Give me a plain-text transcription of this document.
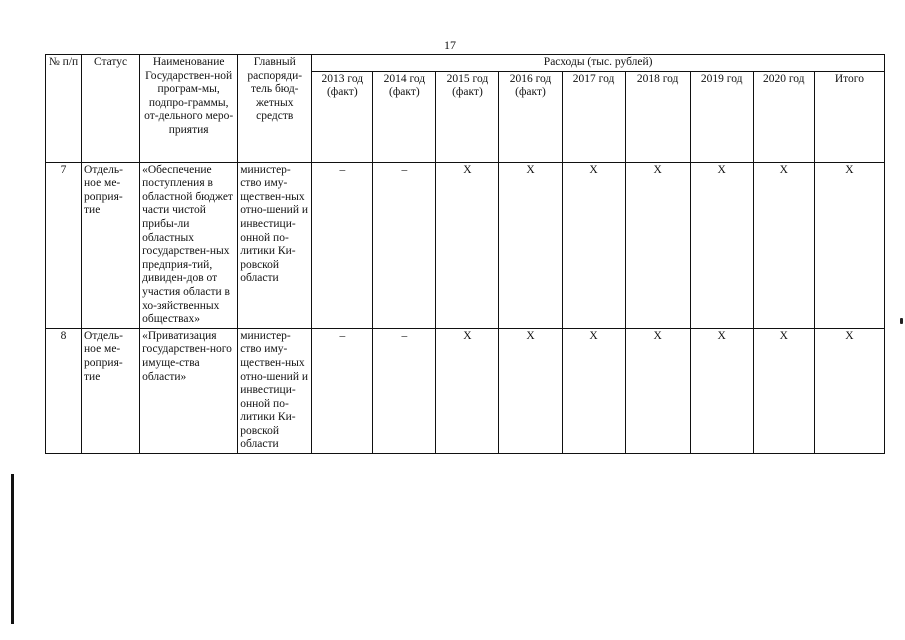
17
№ п/п	Статус	Наименование Государствен-ной програм-мы, подпро-граммы, от-дельного меро-приятия	Главный распоряди-тель бюд-жетных средств	Расходы (тыс. рублей)								
				2013 год (факт)	2014 год (факт)	2015 год (факт)	2016 год (факт)	2017 год	2018 год	2019 год	2020 год	Итого
7	Отдель-ное ме-роприя-тие	«Обеспечение поступления в областной бюджет части чистой прибы-ли областных государствен-ных предприя-тий, дивиден-дов от участия области в хо-зяйственных обществах»	министер-ство иму-ществен-ных отно-шений и инвестици-онной по-литики Ки-ровской области	–	–	Х	Х	Х	Х	Х	Х	Х
8	Отдель-ное ме-роприя-тие	«Приватизация государствен-ного имуще-ства области»	министер-ство иму-ществен-ных отно-шений и инвестици-онной по-литики Ки-ровской области	–	–	Х	Х	Х	Х	Х	Х	Х
